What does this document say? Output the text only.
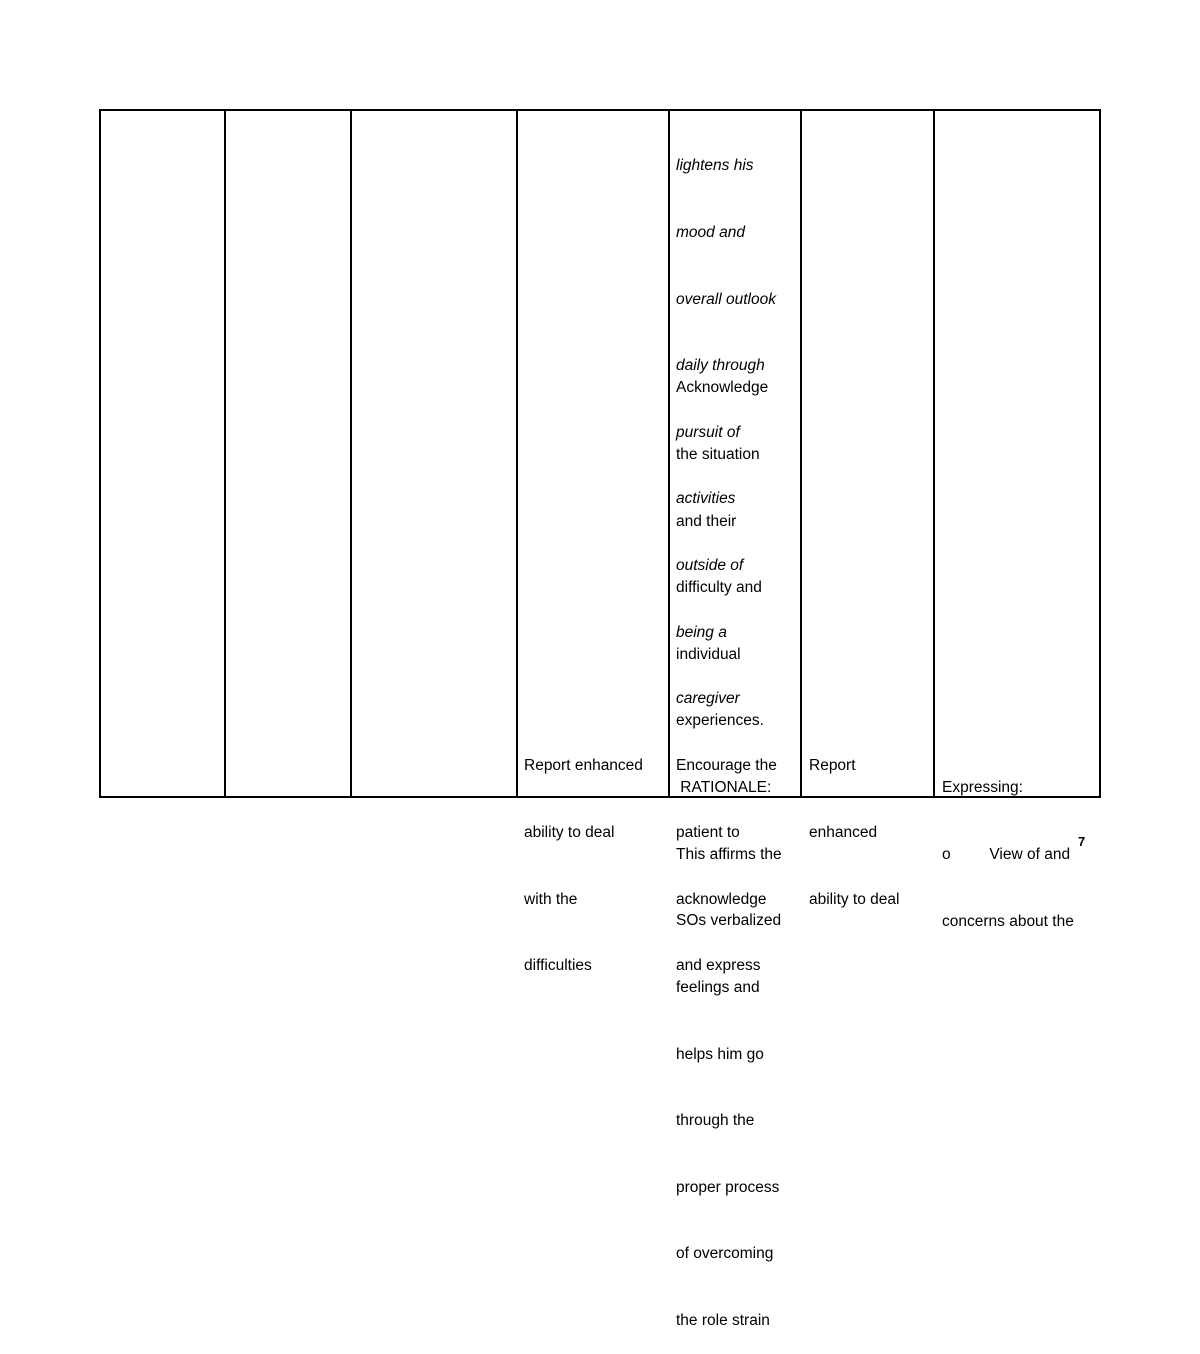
lightens his

mood and

overall outlook

daily through

pursuit of

activities

outside of

being a

caregiver

Acknowledge

the situation

and their

difficulty and

individual

experiences.

RATIONALE:

This affirms the

SOs verbalized

feelings and

helps him go

through the

proper process

of overcoming

the role strain

Report enhanced

ability to deal

with the

difficulties

Encourage the

patient to

acknowledge

and express

Report

enhanced

ability to deal

Expressing:

o         View of and

concerns about the

7
